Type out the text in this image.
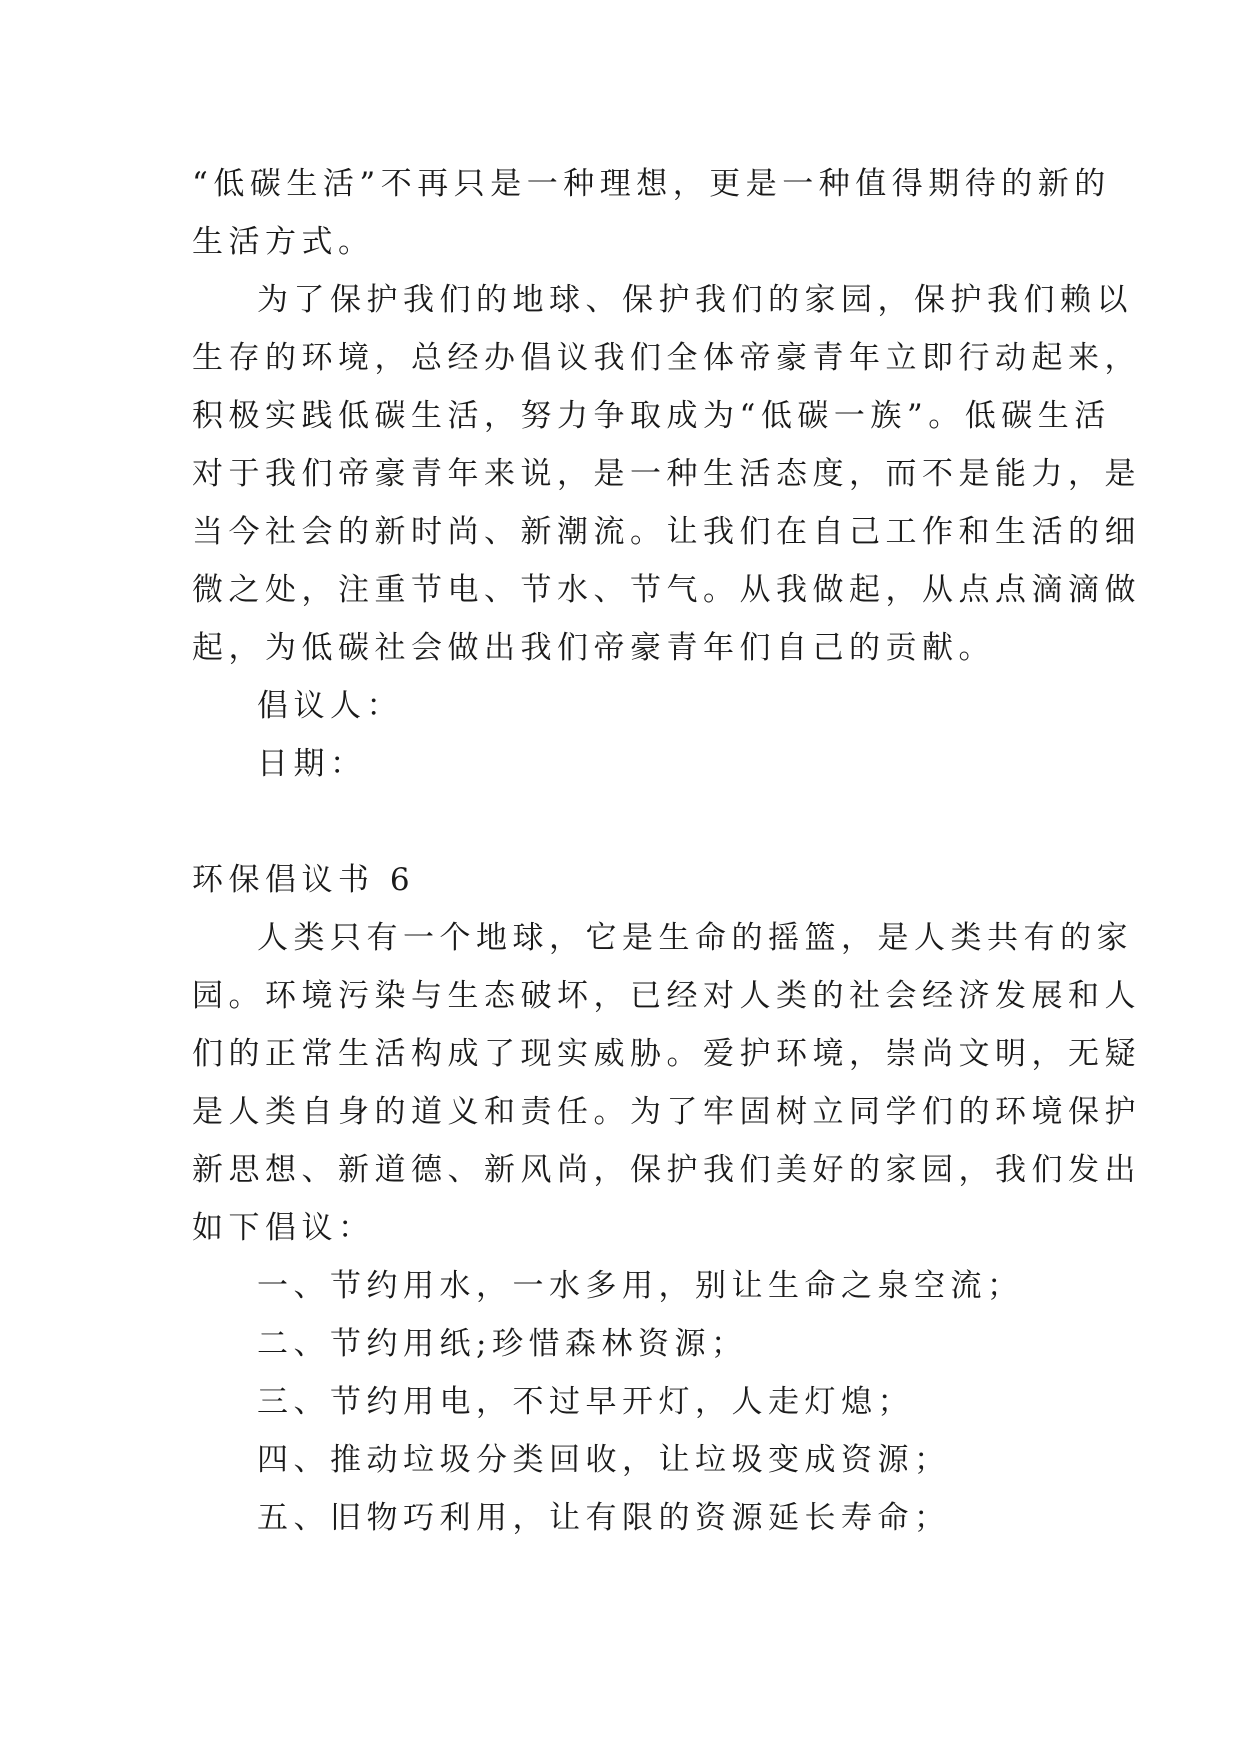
“低碳生活”不再只是一种理想，更是一种值得期待的新的
生活方式。
为了保护我们的地球、保护我们的家园，保护我们赖以
生存的环境，总经办倡议我们全体帝豪青年立即行动起来，
积极实践低碳生活，努力争取成为“低碳一族”。低碳生活
对于我们帝豪青年来说，是一种生活态度，而不是能力，是
当今社会的新时尚、新潮流。让我们在自己工作和生活的细
微之处，注重节电、节水、节气。从我做起，从点点滴滴做
起，为低碳社会做出我们帝豪青年们自己的贡献。
倡议人：
日期：
环保倡议书 6
人类只有一个地球，它是生命的摇篮，是人类共有的家
园。环境污染与生态破坏，已经对人类的社会经济发展和人
们的正常生活构成了现实威胁。爱护环境，崇尚文明，无疑
是人类自身的道义和责任。为了牢固树立同学们的环境保护
新思想、新道德、新风尚，保护我们美好的家园，我们发出
如下倡议：
一、节约用水，一水多用，别让生命之泉空流；
二、节约用纸;珍惜森林资源；
三、节约用电，不过早开灯，人走灯熄；
四、推动垃圾分类回收，让垃圾变成资源；
五、旧物巧利用，让有限的资源延长寿命；
